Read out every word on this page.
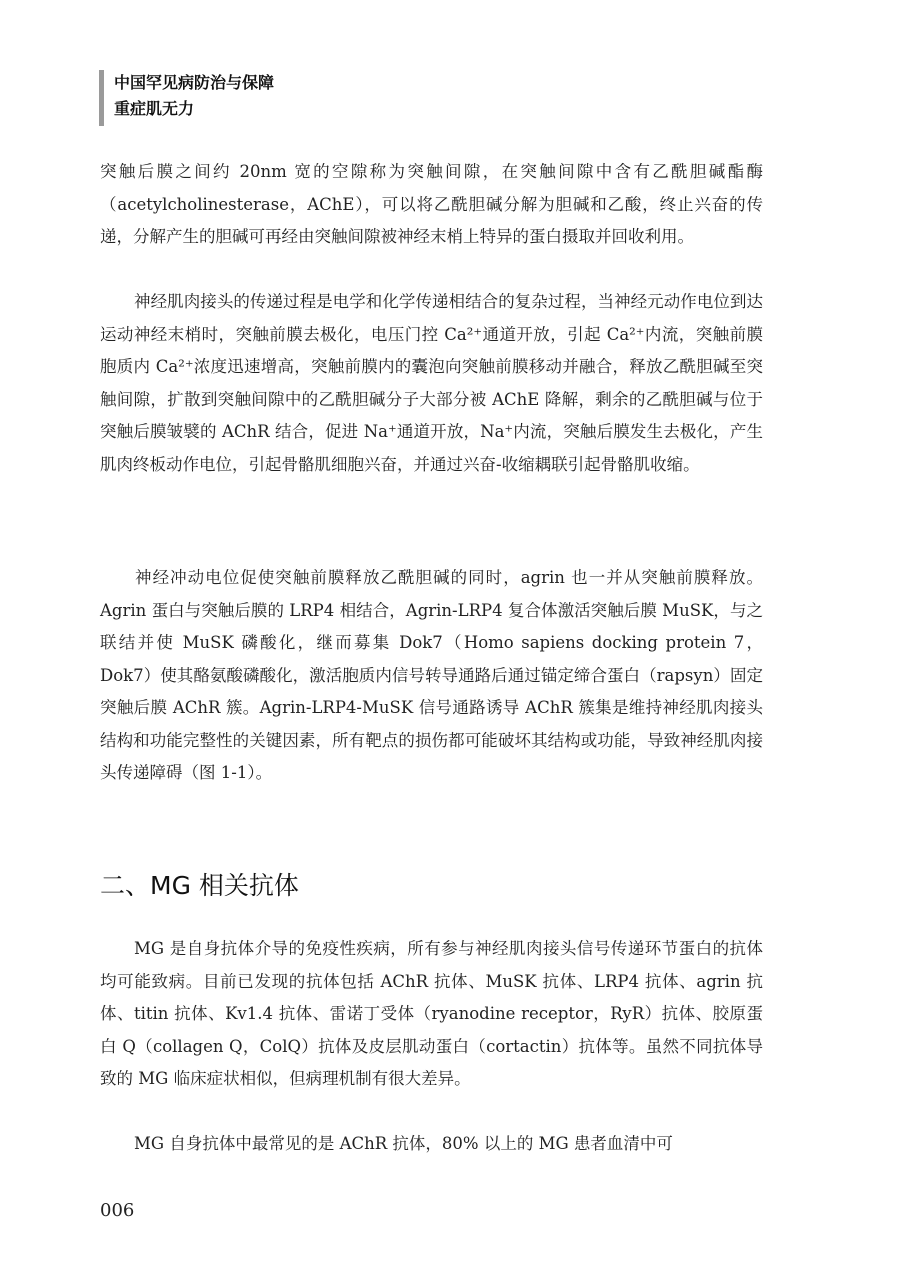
中国罕见病防治与保障
重症肌无力

突触后膜之间约 20nm 宽的空隙称为突触间隙，在突触间隙中含有乙酰胆碱酯酶（acetylcholinesterase，AChE），可以将乙酰胆碱分解为胆碱和乙酸，终止兴奋的传递，分解产生的胆碱可再经由突触间隙被神经末梢上特异的蛋白摄取并回收利用。

神经肌肉接头的传递过程是电学和化学传递相结合的复杂过程，当神经元动作电位到达运动神经末梢时，突触前膜去极化，电压门控 Ca²⁺通道开放，引起 Ca²⁺内流，突触前膜胞质内 Ca²⁺浓度迅速增高，突触前膜内的囊泡向突触前膜移动并融合，释放乙酰胆碱至突触间隙，扩散到突触间隙中的乙酰胆碱分子大部分被 AChE 降解，剩余的乙酰胆碱与位于突触后膜皱襞的 AChR 结合，促进 Na⁺通道开放，Na⁺内流，突触后膜发生去极化，产生肌肉终板动作电位，引起骨骼肌细胞兴奋，并通过兴奋-收缩耦联引起骨骼肌收缩。

神经冲动电位促使突触前膜释放乙酰胆碱的同时，agrin 也一并从突触前膜释放。Agrin 蛋白与突触后膜的 LRP4 相结合，Agrin-LRP4 复合体激活突触后膜 MuSK，与之联结并使 MuSK 磷酸化，继而募集 Dok7（Homo sapiens docking protein 7，Dok7）使其酪氨酸磷酸化，激活胞质内信号转导通路后通过锚定缔合蛋白（rapsyn）固定突触后膜 AChR 簇。Agrin-LRP4-MuSK 信号通路诱导 AChR 簇集是维持神经肌肉接头结构和功能完整性的关键因素，所有靶点的损伤都可能破坏其结构或功能，导致神经肌肉接头传递障碍（图 1-1）。

二、MG 相关抗体

MG 是自身抗体介导的免疫性疾病，所有参与神经肌肉接头信号传递环节蛋白的抗体均可能致病。目前已发现的抗体包括 AChR 抗体、MuSK 抗体、LRP4 抗体、agrin 抗体、titin 抗体、Kv1.4 抗体、雷诺丁受体（ryanodine receptor，RyR）抗体、胶原蛋白 Q（collagen Q，ColQ）抗体及皮层肌动蛋白（cortactin）抗体等。虽然不同抗体导致的 MG 临床症状相似，但病理机制有很大差异。

MG 自身抗体中最常见的是 AChR 抗体，80% 以上的 MG 患者血清中可

006
